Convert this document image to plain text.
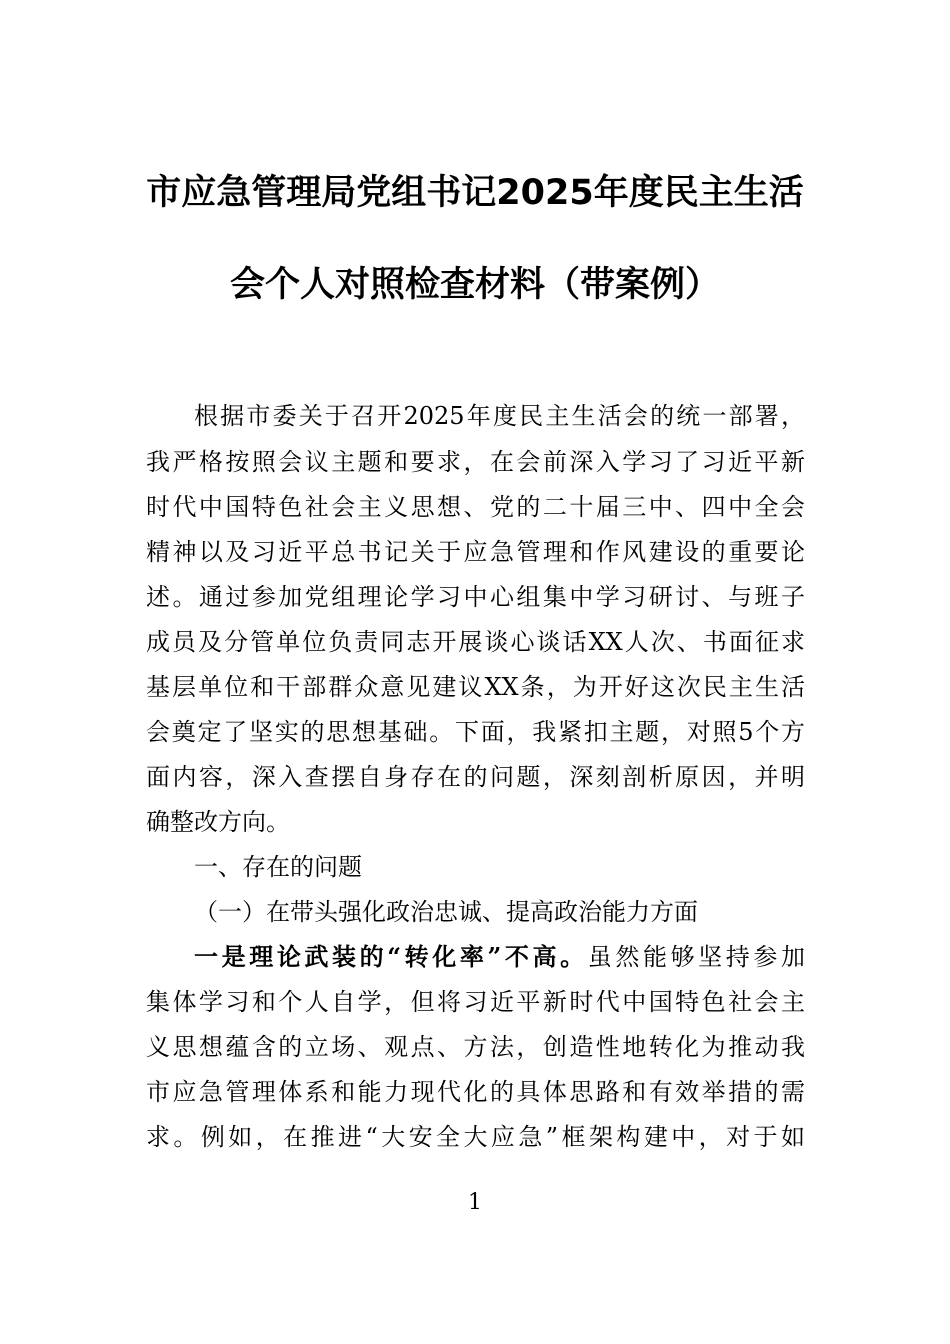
市应急管理局党组书记2025年度民主生活
会个人对照检查材料（带案例）
根据市委关于召开2025年度民主生活会的统一部署，
我严格按照会议主题和要求，在会前深入学习了习近平新
时代中国特色社会主义思想、党的二十届三中、四中全会
精神以及习近平总书记关于应急管理和作风建设的重要论
述。通过参加党组理论学习中心组集中学习研讨、与班子
成员及分管单位负责同志开展谈心谈话XX人次、书面征求
基层单位和干部群众意见建议XX条，为开好这次民主生活
会奠定了坚实的思想基础。下面，我紧扣主题，对照5个方
面内容，深入查摆自身存在的问题，深刻剖析原因，并明
确整改方向。
一、存在的问题
（一）在带头强化政治忠诚、提高政治能力方面
一是理论武装的“转化率”不高。虽然能够坚持参加
集体学习和个人自学，但将习近平新时代中国特色社会主
义思想蕴含的立场、观点、方法，创造性地转化为推动我
市应急管理体系和能力现代化的具体思路和有效举措的需
求。例如，在推进“大安全大应急”框架构建中，对于如
1
